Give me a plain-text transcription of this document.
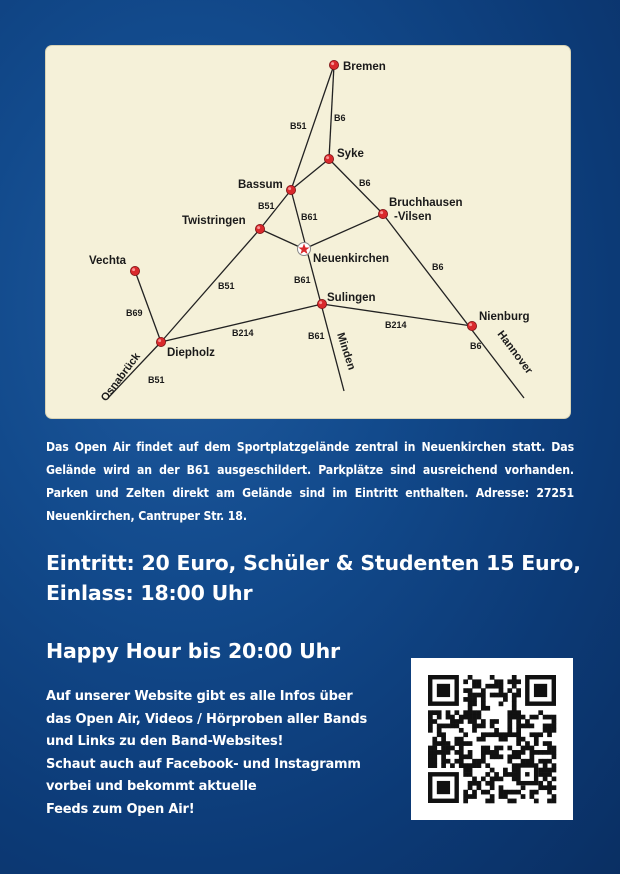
Bremen
Syke
Bassum
Twistringen
Bruchhausen
-Vilsen
Neuenkirchen
Vechta
Sulingen
Nienburg
Diepholz
B51
B6
B6
B51
B61
B6
B51
B61
B69
B214
B214
B61
B6
B51
Osnabrück	Minden	Hannover
Das Open Air findet auf dem Sportplatzgelände zentral in Neuenkirchen statt. Das Gelände wird an der B61 ausgeschildert. Parkplätze sind ausreichend vorhanden. Parken und Zelten direkt am Gelände sind im Eintritt enthalten. Adresse: 27251 Neuenkirchen, Cantruper Str. 18.
Eintritt: 20 Euro, Schüler & Studenten 15 Euro,
Einlass: 18:00 Uhr
Happy Hour bis 20:00 Uhr
Auf unserer Website gibt es alle Infos über
das Open Air, Videos / Hörproben aller Bands
und Links zu den Band-Websites!
Schaut auch auf Facebook- und Instagramm
vorbei und bekommt aktuelle
Feeds zum Open Air!
